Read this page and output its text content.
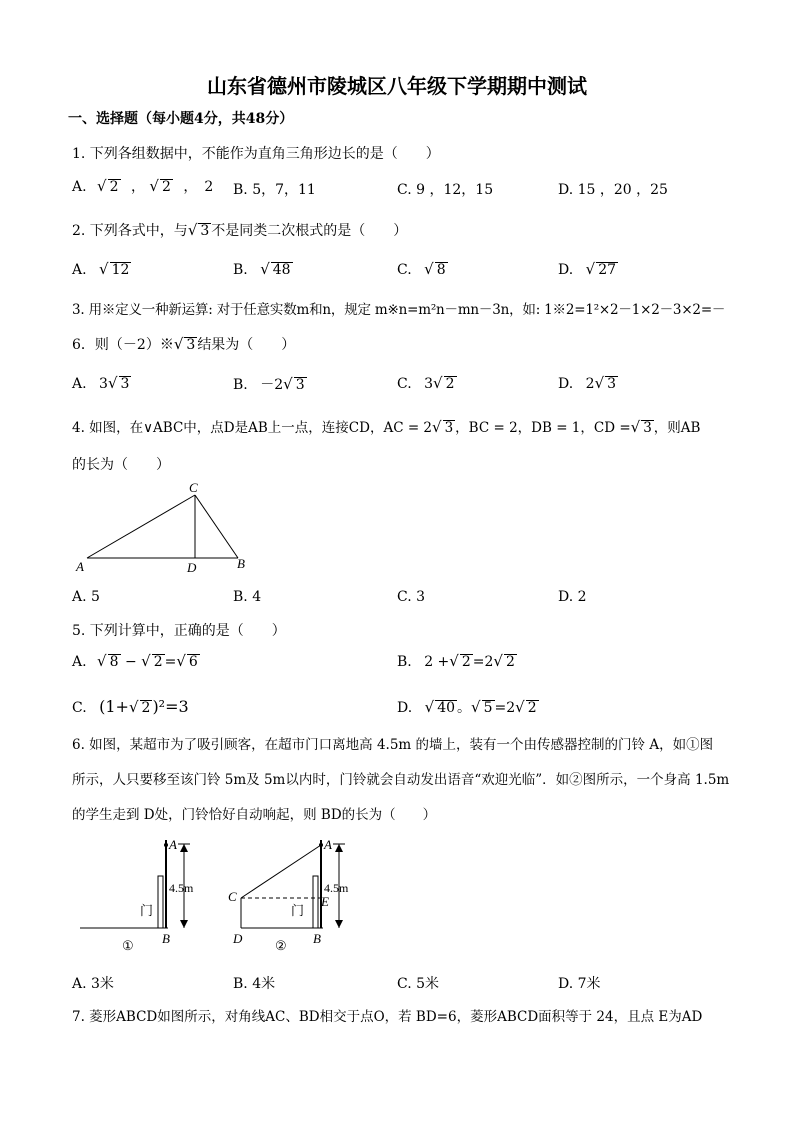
山东省德州市陵城区八年级下学期期中测试
一、选择题（每小题4分，共48分）
1. 下列各组数据中，不能作为直角三角形边长的是（　　）
A. √ 2 ， √ 2 ，　2 B. 5，7，11	C. 9 ，12，15	D. 15 ，20 ，25
2. 下列各式中，与√ 3 不是同类二次根式的是（　　）
A. √ 12	B. √ 48	C. √ 8	D. √ 27
3. 用※定义一种新运算: 对于任意实数m和n，规定 m※n=m²n－mn－3n，如: 1※2=1²×2－1×2－3×2=－
6．则（－2）※√ 3 结果为（　　）
A. 3√ 3	B. －2√ 3	C. 3√ 2	D. 2√ 3
4. 如图，在∨ABC中，点D是AB上一点，连接CD，AC = 2√ 3 ，BC = 2，DB = 1，CD =√ 3 ，则AB
的长为（　　）
C
A	D	B
A. 5	B. 4	C. 3	D. 2
5. 下列计算中，正确的是（　　）
A. √ 8 − √ 2 =√ 6	B. 2 +√ 2 =2√ 2
C. (1+√ 2 )²=3	D. √ 40 。√ 5 =2√ 2
6. 如图，某超市为了吸引顾客，在超市门口离地高 4.5m 的墙上，装有一个由传感器控制的门铃 A，如①图
所示，人只要移至该门铃 5m及 5m以内时，门铃就会自动发出语音“欢迎光临”．如②图所示，一个身高 1.5m
的学生走到 D处，门铃恰好自动响起，则 BD的长为（　　）
A
4.5m
门
B
①
A
C
4.5m
E
门
D	B
②
A. 3米	B. 4米	C. 5米	D. 7米
7. 菱形ABCD如图所示，对角线AC、BD相交于点O，若 BD=6，菱形ABCD面积等于 24，且点 E为AD
